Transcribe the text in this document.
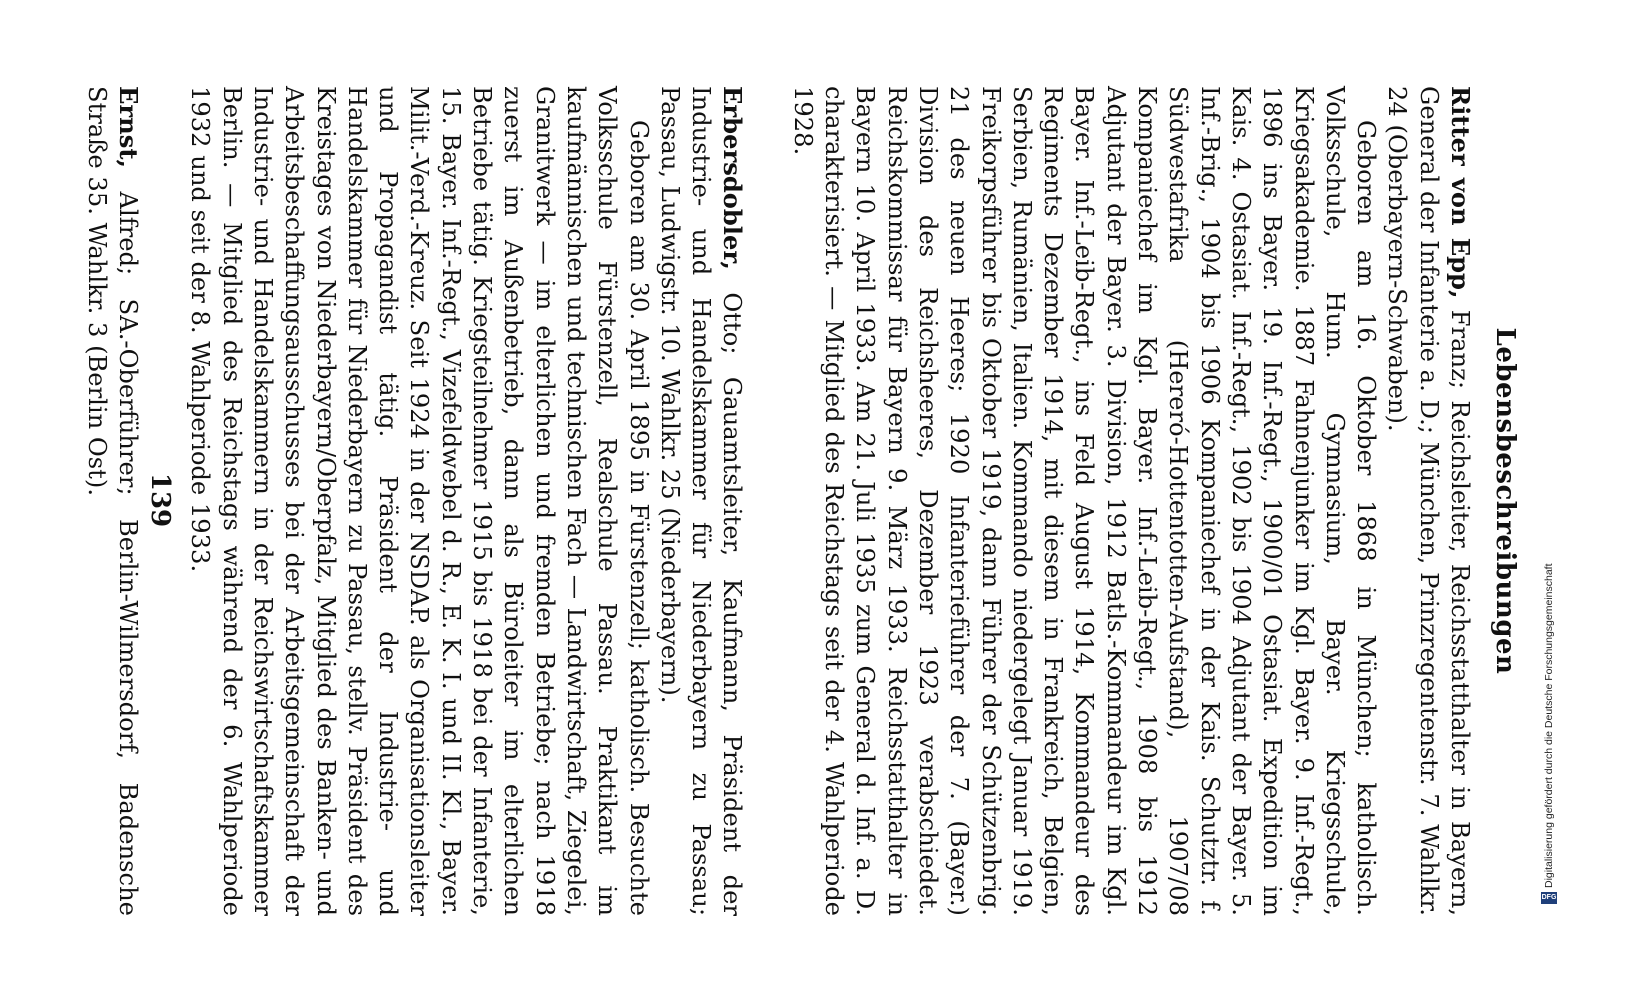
Lebensbeschreibungen

Ritter von Epp, Franz; Reichsleiter, Reichsstatthalter in Bayern, General der Infanterie a. D.; München, Prinzregentenstr. 7. Wahlkr. 24 (Oberbayern-Schwaben).

Geboren am 16. Oktober 1868 in München; katholisch. Volksschule, Hum. Gymnasium, Bayer. Kriegsschule, Kriegsakademie. 1887 Fahnenjunker im Kgl. Bayer. 9. Inf.-Regt., 1896 ins Bayer. 19. Inf.-Regt., 1900/01 Ostasiat. Expedition im Kais. 4. Ostasiat. Inf.-Regt., 1902 bis 1904 Adjutant der Bayer. 5. Inf.-Brig., 1904 bis 1906 Kompaniechef in der Kais. Schutztr. f. Südwestafrika (Hereró-Hottentotten-Aufstand), 1907/08 Kompaniechef im Kgl. Bayer. Inf.-Leib-Regt., 1908 bis 1912 Adjutant der Bayer. 3. Division, 1912 Batls.-Kommandeur im Kgl. Bayer. Inf.-Leib-Regt., ins Feld August 1914, Kommandeur des Regiments Dezember 1914, mit diesem in Frankreich, Belgien, Serbien, Rumänien, Italien. Kommando niedergelegt Januar 1919. Freikorpsführer bis Oktober 1919, dann Führer der Schützenbrig. 21 des neuen Heeres; 1920 Infanterieführer der 7. (Bayer.) Division des Reichsheeres, Dezember 1923 verabschiedet. Reichskommissar für Bayern 9. März 1933. Reichsstatthalter in Bayern 10. April 1933. Am 21. Juli 1935 zum General d. Inf. a. D. charakterisiert. — Mitglied des Reichstags seit der 4. Wahlperiode 1928.

Erbersdobler, Otto; Gauamtsleiter, Kaufmann, Präsident der Industrie- und Handelskammer für Niederbayern zu Passau; Passau, Ludwigstr. 10. Wahlkr. 25 (Niederbayern).

Geboren am 30. April 1895 in Fürstenzell; katholisch. Besuchte Volksschule Fürstenzell, Realschule Passau. Praktikant im kaufmännischen und technischen Fach — Landwirtschaft, Ziegelei, Granitwerk — im elterlichen und fremden Betriebe; nach 1918 zuerst im Außenbetrieb, dann als Büroleiter im elterlichen Betriebe tätig. Kriegsteilnehmer 1915 bis 1918 bei der Infanterie, 15. Bayer. Inf.-Regt., Vizefeldwebel d. R., E. K. I. und II. Kl., Bayer. Milit.-Verd.-Kreuz. Seit 1924 in der NSDAP. als Organisationsleiter und Propagandist tätig. Präsident der Industrie- und Handelskammer für Niederbayern zu Passau, stellv. Präsident des Kreistages von Niederbayern/Oberpfalz, Mitglied des Banken- und Arbeitsbeschaffungsausschusses bei der Arbeitsgemeinschaft der Industrie- und Handelskammern in der Reichswirtschaftskammer Berlin. — Mitglied des Reichstags während der 6. Wahlperiode 1932 und seit der 8. Wahlperiode 1933.

Ernst, Alfred; SA.-Oberführer; Berlin-Wilmersdorf, Badensche Straße 35. Wahlkr. 3 (Berlin Ost).

139
Digitalisierung gefördert durch die Deutsche Forschungsgemeinschaft
DFG
